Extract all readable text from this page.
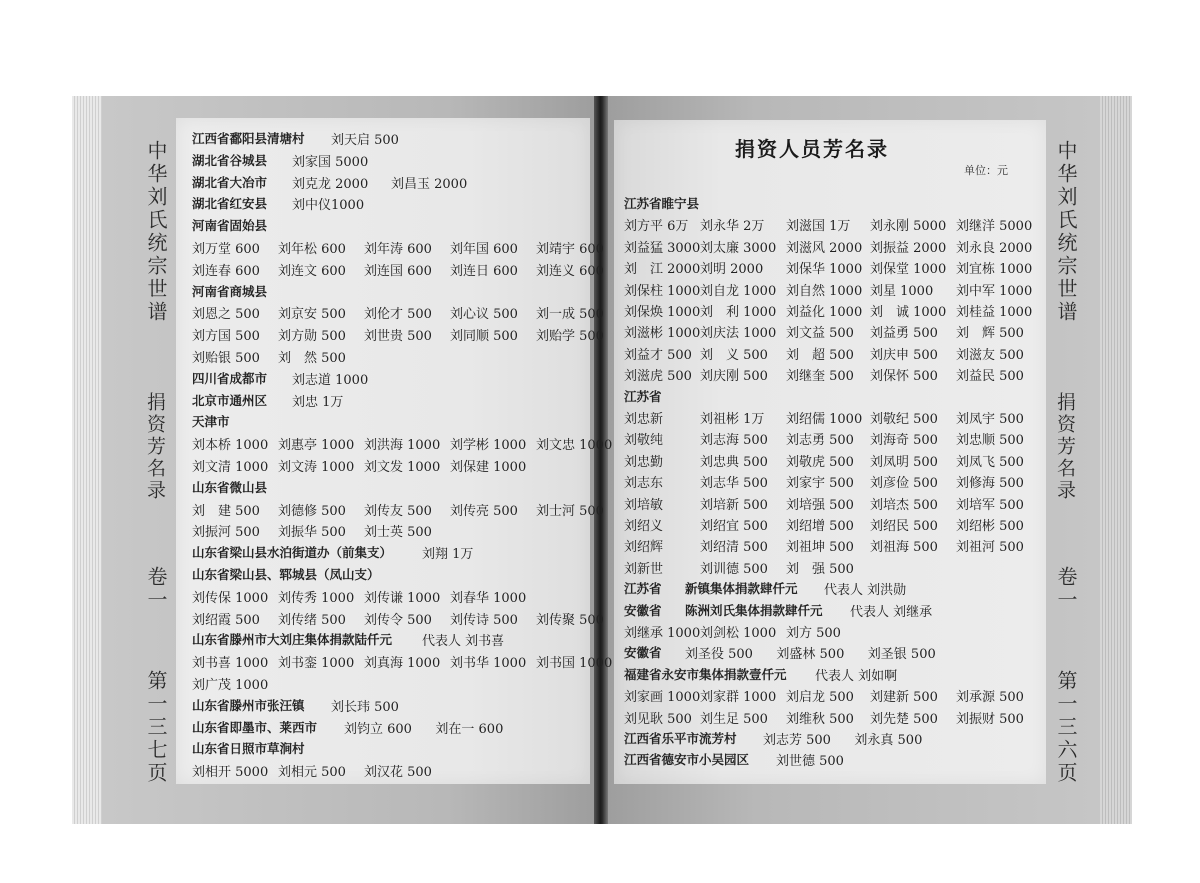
中华刘氏统宗世谱
捐资芳名录
卷一
第一三七页
中华刘氏统宗世谱
捐资芳名录
卷一
第一三六页
捐资人员芳名录
单位：元
江西省鄱阳县清塘村 刘天启 500
湖北省谷城县 刘家国 5000
湖北省大冶市 刘克龙 2000 刘昌玉 2000
湖北省红安县 刘中仪1000
河南省固始县
刘万堂 600 刘年松 600 刘年涛 600 刘年国 600 刘靖宇 600
刘连春 600 刘连文 600 刘连国 600 刘连日 600 刘连义 600
河南省商城县
刘恩之 500 刘京安 500 刘伦才 500 刘心议 500 刘一成 500
刘方国 500 刘方勋 500 刘世贵 500 刘同顺 500 刘贻学 500
刘贻银 500 刘　然 500
四川省成都市 刘志道 1000
北京市通州区 刘忠 1万
天津市
刘本桥 1000 刘惠亭 1000 刘洪海 1000 刘学彬 1000 刘文忠 1000
刘文清 1000 刘文涛 1000 刘文发 1000 刘保建 1000
山东省微山县
刘　建 500 刘德修 500 刘传友 500 刘传亮 500 刘士河 500
刘振河 500 刘振华 500 刘士英 500
山东省梁山县水泊街道办（前集支） 刘翔 1万
山东省梁山县、郓城县（凤山支）
刘传保 1000 刘传秀 1000 刘传谦 1000 刘春华 1000
刘绍霞 500 刘传绪 500 刘传令 500 刘传诗 500 刘传聚 500
山东省滕州市大刘庄集体捐款陆仟元 代表人 刘书喜
刘书喜 1000 刘书銮 1000 刘真海 1000 刘书华 1000 刘书国 1000
刘广茂 1000
山东省滕州市张汪镇 刘长玮 500
山东省即墨市、莱西市 刘钧立 600 刘在一 600
山东省日照市草涧村
刘相开 5000 刘相元 500 刘汉花 500
江苏省睢宁县
刘方平 6万 刘永华 2万 刘滋国 1万 刘永刚 5000 刘继洋 5000
刘益猛 3000 刘太廉 3000 刘滋风 2000 刘振益 2000 刘永良 2000
刘　江 2000 刘明 2000 刘保华 1000 刘保堂 1000 刘宜栋 1000
刘保柱 1000 刘自龙 1000 刘自然 1000 刘星 1000 刘中军 1000
刘保焕 1000 刘　利 1000 刘益化 1000 刘　诚 1000 刘桂益 1000
刘滋彬 1000 刘庆法 1000 刘文益 500 刘益勇 500 刘　辉 500
刘益才 500 刘　义 500 刘　超 500 刘庆申 500 刘滋友 500
刘滋虎 500 刘庆刚 500 刘继奎 500 刘保怀 500 刘益民 500
江苏省
刘忠新	刘祖彬 1万 刘绍儒 1000 刘敬纪 500 刘凤宇 500
刘敬纯	刘志海 500 刘志勇 500 刘海奇 500 刘忠顺 500
刘忠勤	刘忠典 500 刘敬虎 500 刘凤明 500 刘凤飞 500
刘志东	刘志华 500 刘家宇 500 刘彦俭 500 刘修海 500
刘培敏	刘培新 500 刘培强 500 刘培杰 500 刘培军 500
刘绍义	刘绍宜 500 刘绍增 500 刘绍民 500 刘绍彬 500
刘绍辉	刘绍清 500 刘祖坤 500 刘祖海 500 刘祖河 500
刘新世	刘训德 500 刘　强 500
江苏省 新镇集体捐款肆仟元 代表人 刘洪勋
安徽省 陈洲刘氏集体捐款肆仟元 代表人 刘继承
刘继承 1000 刘剑松 1000 刘方 500
安徽省 刘圣役 500 刘盛林 500 刘圣银 500
福建省永安市集体捐款壹仟元 代表人 刘如啊
刘家画 1000 刘家群 1000 刘启龙 500 刘建新 500 刘承源 500
刘见耿 500 刘生足 500 刘维秋 500 刘先楚 500 刘振财 500
江西省乐平市流芳村 刘志芳 500 刘永真 500
江西省德安市小吴园区 刘世德 500
